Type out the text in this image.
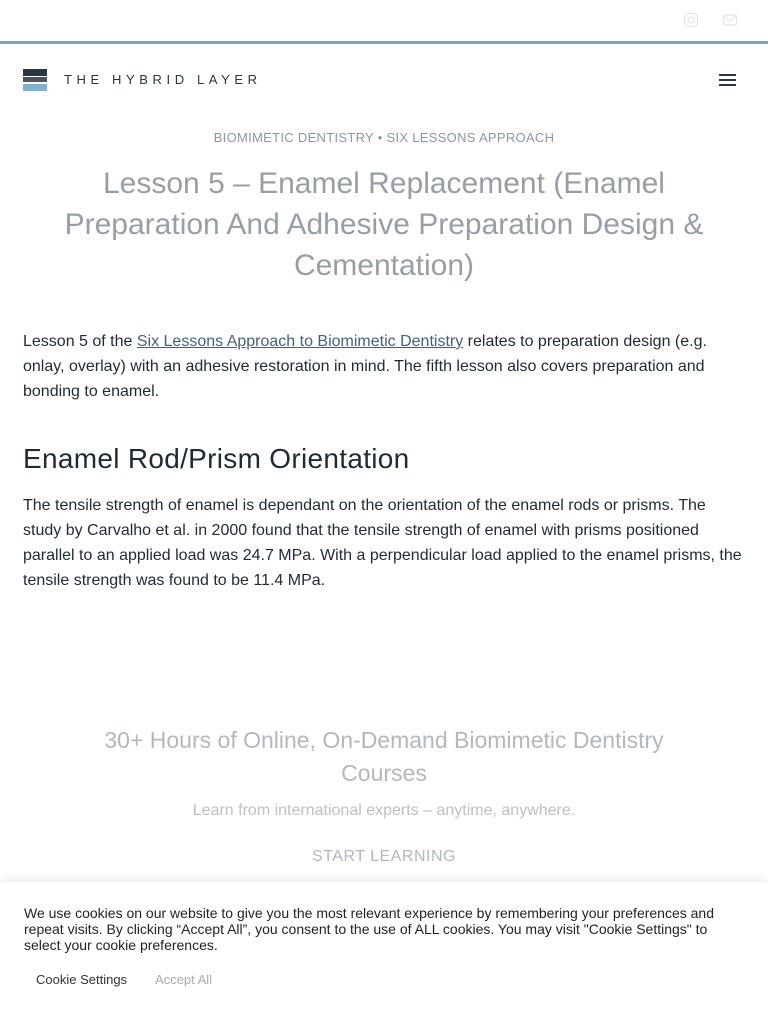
THE HYBRID LAYER
BIOMIMETIC DENTISTRY • SIX LESSONS APPROACH
Lesson 5 – Enamel Replacement (Enamel Preparation And Adhesive Preparation Design & Cementation)

Lesson 5 of the Six Lessons Approach to Biomimetic Dentistry relates to preparation design (e.g. onlay, overlay) with an adhesive restoration in mind. The fifth lesson also covers preparation and bonding to enamel.

Enamel Rod/Prism Orientation

The tensile strength of enamel is dependant on the orientation of the enamel rods or prisms. The study by Carvalho et al. in 2000 found that the tensile strength of enamel with prisms positioned parallel to an applied load was 24.7 MPa. With a perpendicular load applied to the enamel prisms, the tensile strength was found to be 11.4 MPa.

30+ Hours of Online, On-Demand Biomimetic Dentistry Courses
Learn from international experts – anytime, anywhere.
START LEARNING

We use cookies on our website to give you the most relevant experience by remembering your preferences and repeat visits. By clicking “Accept All”, you consent to the use of ALL cookies. You may visit "Cookie Settings" to select your cookie preferences.

Cookie Settings Accept All
